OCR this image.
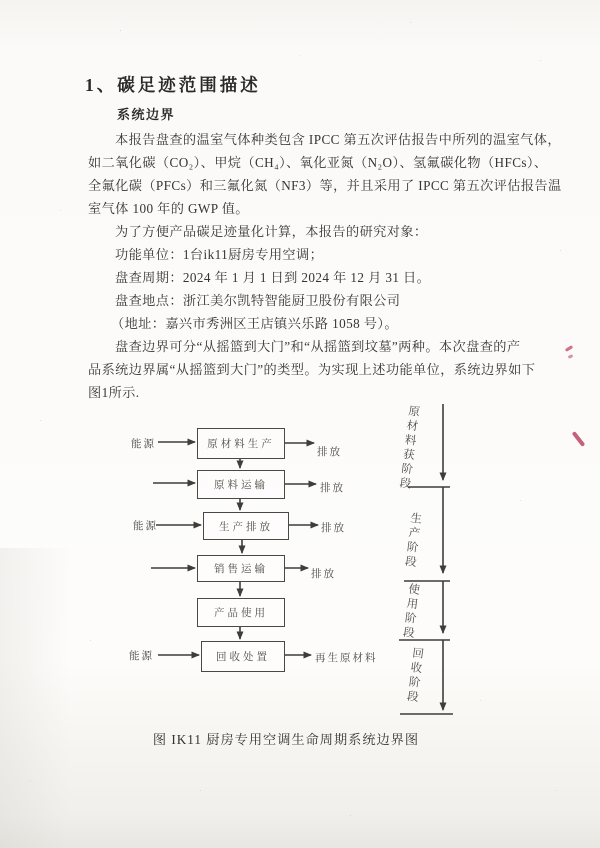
1、碳足迹范围描述
系统边界
本报告盘查的温室气体种类包含 IPCC 第五次评估报告中所列的温室气体，
如二氧化碳（CO₂）、甲烷（CH₄）、氧化亚氮（N₂O）、氢氟碳化物（HFCs）、
全氟化碳（PFCs）和三氟化氮（NF3）等，并且采用了 IPCC 第五次评估报告温
室气体 100 年的 GWP 值。
为了方便产品碳足迹量化计算，本报告的研究对象：
功能单位：1台ik11厨房专用空调；
盘查周期：2024 年 1 月 1 日到 2024 年 12 月 31 日。
盘查地点：浙江美尔凯特智能厨卫股份有限公司
（地址：嘉兴市秀洲区王店镇兴乐路 1058 号）。
盘查边界可分“从摇篮到大门”和“从摇篮到坟墓”两种。本次盘查的产
品系统边界属“从摇篮到大门”的类型。为实现上述功能单位，系统边界如下
图1所示.
原材料生产
原料运输
生产排放
销售运输
产品使用
回收处置
能源
能源
能源
排放
排放
排放
排放
再生原材料
原材料获阶段
生产阶段
使用阶段
回收阶段
图 IK11 厨房专用空调生命周期系统边界图
